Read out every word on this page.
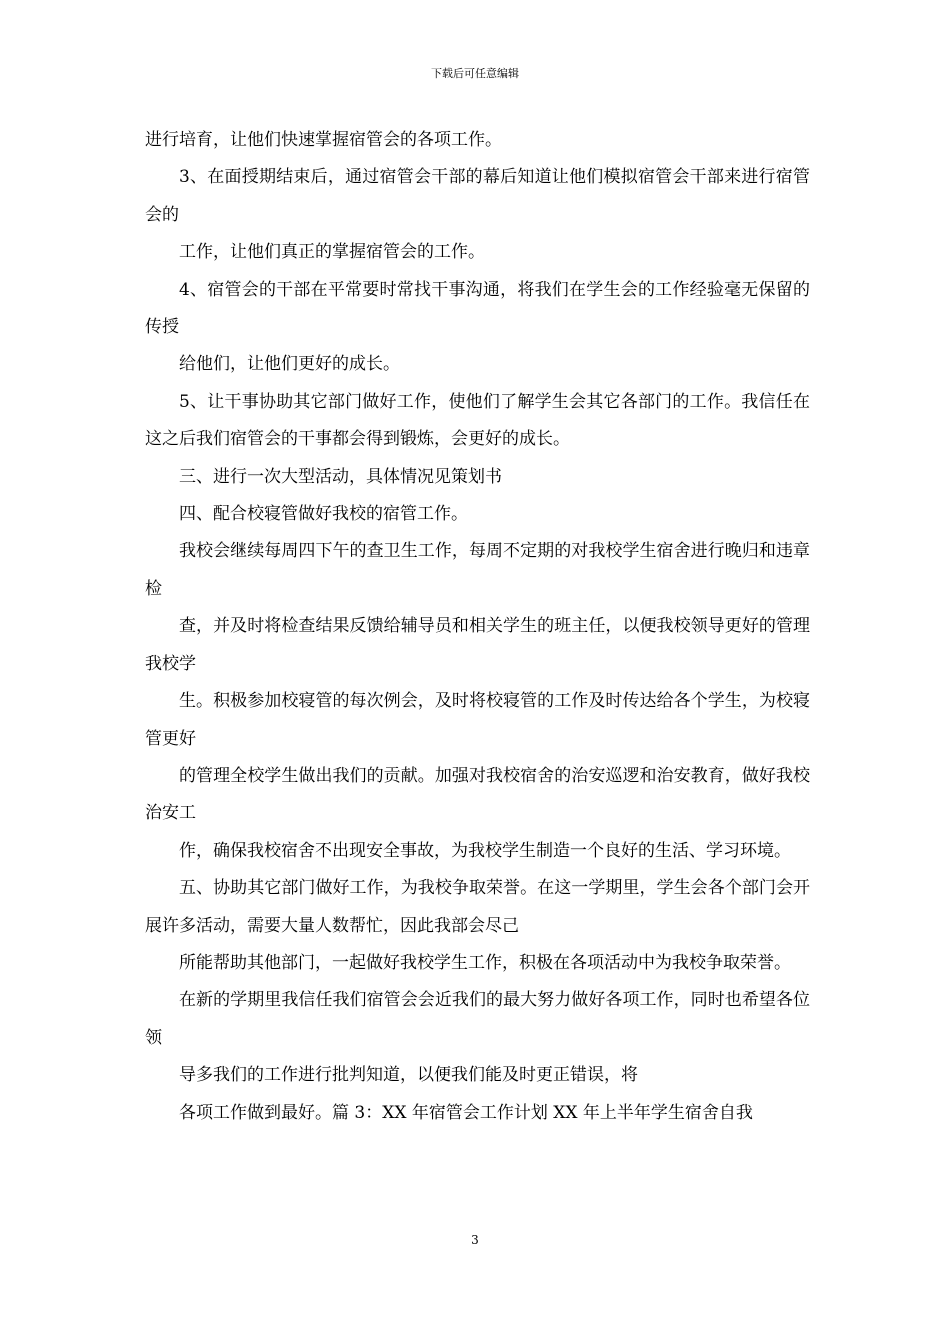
下载后可任意编辑

进行培育，让他们快速掌握宿管会的各项工作。

3、在面授期结束后，通过宿管会干部的幕后知道让他们模拟宿管会干部来进行宿管会的

工作，让他们真正的掌握宿管会的工作。

4、宿管会的干部在平常要时常找干事沟通，将我们在学生会的工作经验毫无保留的传授

给他们，让他们更好的成长。

5、让干事协助其它部门做好工作，使他们了解学生会其它各部门的工作。我信任在这之后我们宿管会的干事都会得到锻炼，会更好的成长。

三、进行一次大型活动，具体情况见策划书

四、配合校寝管做好我校的宿管工作。

我校会继续每周四下午的查卫生工作，每周不定期的对我校学生宿舍进行晚归和违章检

查，并及时将检查结果反馈给辅导员和相关学生的班主任，以便我校领导更好的管理我校学

生。积极参加校寝管的每次例会，及时将校寝管的工作及时传达给各个学生，为校寝管更好

的管理全校学生做出我们的贡献。加强对我校宿舍的治安巡逻和治安教育，做好我校治安工

作，确保我校宿舍不出现安全事故，为我校学生制造一个良好的生活、学习环境。

五、协助其它部门做好工作，为我校争取荣誉。在这一学期里，学生会各个部门会开展许多活动，需要大量人数帮忙，因此我部会尽己

所能帮助其他部门，一起做好我校学生工作，积极在各项活动中为我校争取荣誉。

在新的学期里我信任我们宿管会会近我们的最大努力做好各项工作，同时也希望各位领

导多我们的工作进行批判知道，以便我们能及时更正错误，将

各项工作做到最好。篇 3：XX 年宿管会工作计划 XX 年上半年学生宿舍自我

3
